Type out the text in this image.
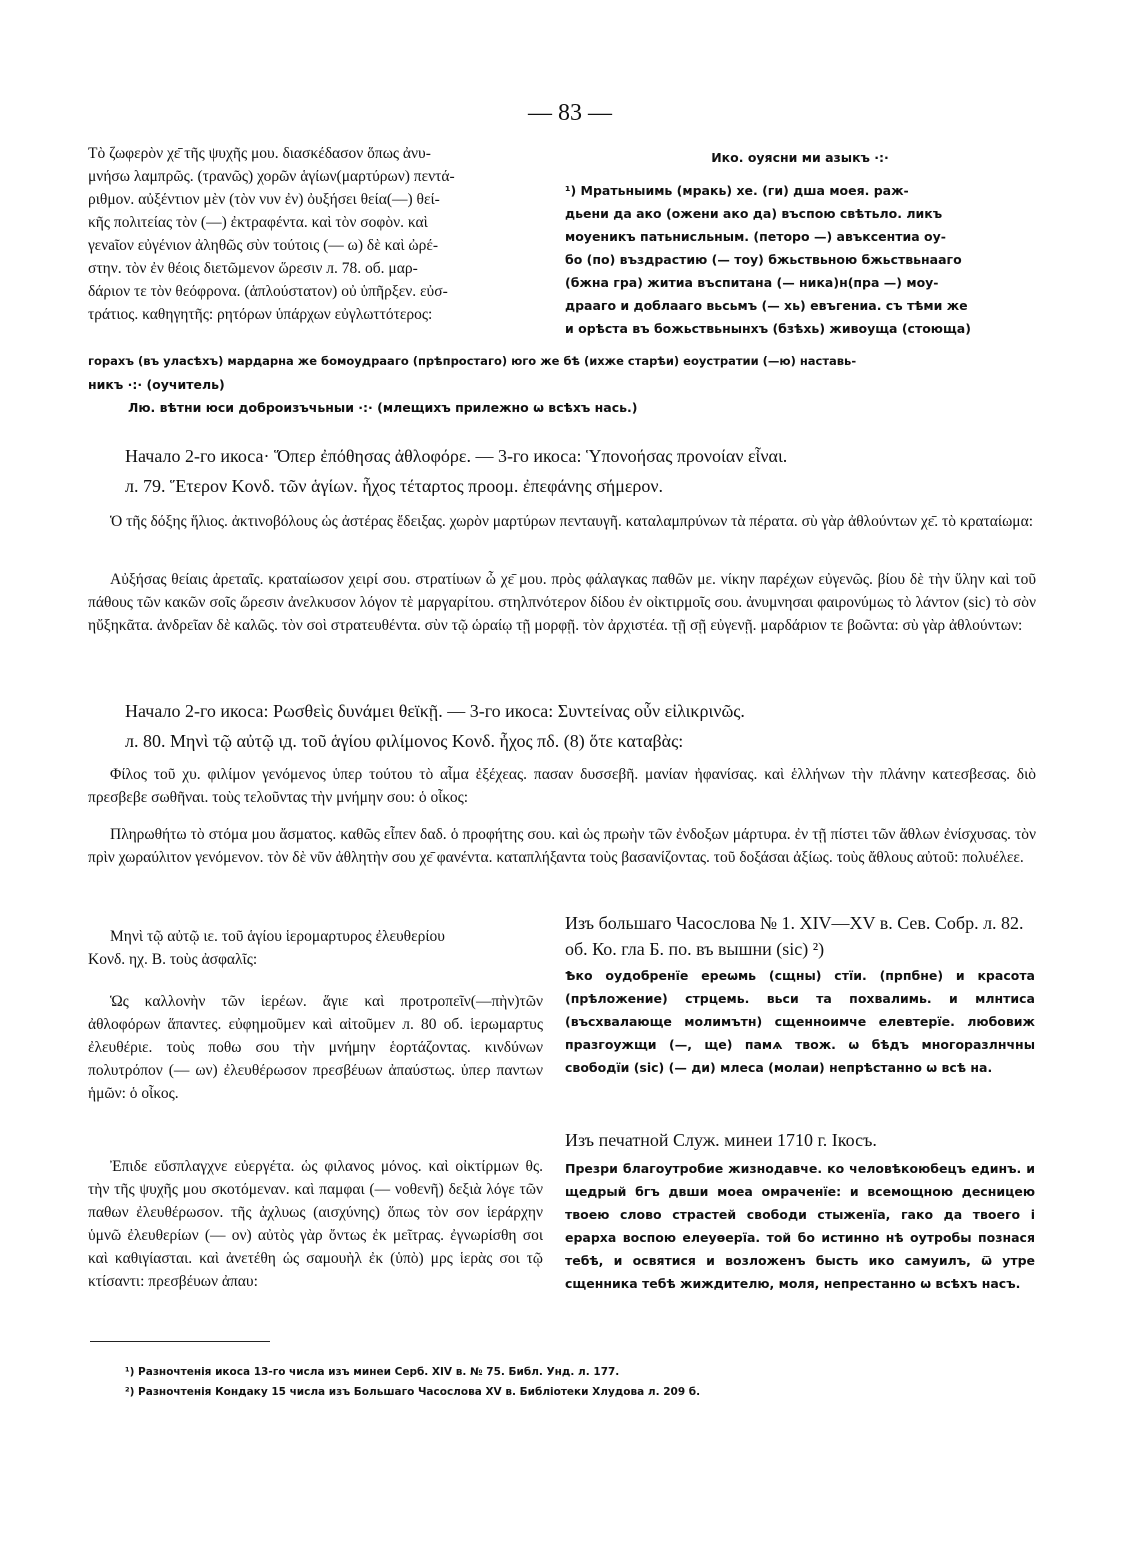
— 83 —

Τὸ ζωφερὸν χε̄ τῆς ψυχῆς μου. διασκέδασον ὅπως ἀνυ-

μνήσω λαμπρῶς. (τρανῶς) χορῶν ἁγίων(μαρτύρων) πεντά-

ριθμον. αὐξέντιον μὲν (τὸν νυν ἐν) ὀυξήσει θεία(—) θεί-

κῆς πολιτείας τὸν (—) ἐκτραφέντα. καὶ τὸν σοφὸν. καὶ

γενaῖον εὐγένιον ἀληθῶς σὺν τούτοις (— ω) δὲ καὶ ὠρέ-

στην. τὸν ἐν θέοις διετῶμενον ὥρεσιν л. 78. об. μαρ-

δάριον τε τὸν θεόφρονα. (ἁπλούστατον) οὐ ὑπῆρξεν. εὐσ-

τράτιος. καθηγητῆς: ρητόρων ὑπάρχων εὐγλωττότερος:

Ико. оуясни ми азыкъ ·:·

¹) Мратьныимь (мракь) хе. (ги) дша моея. раж-

дьени да ако (ожени ако да) въспою свѣтьло. ликъ

моуеникъ патьнисльным. (петоро —) авъксентиа оу-

бо (по) въздрастию (— тоу) бжьствьною бжьствьнааго

(бжна гра) житиа въспитана (— ника)н(пра —) моу-

драаго и доблаaго вьсьмъ (— хь) евъгениа. съ тѣми же

и орѣста въ божьствьнынхъ (бзѣхь) живоуща (стоюща)

горахъ (въ уласѣхъ) мардарна же бомоудраaго (прѣпростаго) юго же бѣ (ихже старѣи) еоустратии (—ю) наставь-

никъ ·:· (оучитель)

Лю. вѣтни юси доброизъчьныи ·:· (млещихъ прилежно ѡ всѣхъ нась.)

Начало 2-го икоса· Ὅπερ ἐπόθησας ἀθλοφόρε. — 3-го икоса: Ὑπονοήσας προνοίαν εἶναι.

л. 79. Ἕτερον Κονδ. τῶν ἁγίων. ἦχος τέταρτος προομ. ἐπεφάνης σήμερον.

Ὁ τῆς δόξης ἥλιος. ἀκτινοβόλους ὡς ἀστέρας ἔδειξας. χωρὸν μαρτύρων πενταυγῆ. καταλαμπρύνων τὰ πέρατα. σὺ γὰρ ἀθλούντων χε̄. τὸ κραταίωμα:

Αὐξήσας θείαις ἀρεταῖς. κραταίωσον χειρί σου. στρατίυων ὦ χε̄ μου. πρὸς φάλαγκας παθῶν με. νίκην παρέχων εὐγενῶς. βίου δὲ τὴν ὕλην καὶ τοῦ πάθους τῶν κακῶν σοῖς ὥρεσιν ἀνελκυσον λόγον τὲ μαργαρίτου. στηλπνότερον δίδου ἐν οἰκτιρμοῖς σου. ἀνυμνησαι φαιρονύμως τὸ λάντον (sic) τὸ σὸν ηὔξηκᾶτα. ἀνδρεῖαν δὲ καλῶς. τὸν σοὶ στρατευθέντα. σὺν τῷ ὡραίῳ τῇ μορφῇ. τὸν ἀρχιστέα. τῇ σῇ εὐγενῇ. μαρδάριον τε βοῶντα: σὺ γὰρ ἀθλούντων:

Начало 2-го икоса: Ρωσθεὶς δυνάμει θεϊκῇ. — 3-го икоса: Συντείνας οὖν εἰλικρινῶς.

л. 80. Μηνὶ τῷ αὐτῷ ιд. τοῦ ἁγίου φιλίμονος Κονδ. ἦχος πδ. (8) ὅτε καταβὰς:

Φίλος τοῦ χυ. φιλίμον γενόμενος ὑπερ τούτου τὸ αἷμα ἐξέχεας. πασαν δυσσεβῆ. μανίαν ἠφανίσας. καὶ ἑλλήνων τὴν πλάνην κατεσβεσας. διὸ πρεσβεβε σωθῆναι. τοὺς τελοῦντας τὴν μνήμην σου: ὁ οἶκος:

Πληρωθήτω τὸ στόμα μου ἄσματος. καθῶς εἶπεν δαδ. ὁ προφήτης σου. καὶ ὡς πρωὴν τῶν ἐνδοξων μάρτυρα. ἐν τῇ πίστει τῶν ἄθλων ἐνίσχυσας. τὸν πρὶν χωραύλιτον γενόμενον. τὸν δὲ νῦν ἀθλητὴν σου χε̄ φανέντα. καταπλήξαντα τοὺς βασανίζοντας. τοῦ δοξάσαι ἀξίως. τοὺς ἄθλους αὐτοῦ: πολυέλεε.

Μηνὶ τῷ αὐτῷ ιε. τοῦ ἁγίου ἱερομαρτυρος ἐλευθερίου

Κονδ. ηχ. Β. τοὺς ἀσφαλῖς:

Ὡς καλλονὴν τῶν ἱερέων. ἅγιε καὶ προτροπεῖν(—πὴν)τῶν ἀθλοφόρων ἅπαντες. εὐφημοῦμεν καὶ αἰτοῦμεν л. 80 об. ἱερωμαρτυς ἐλευθέριε. τοὺς ποθω σου τὴν μνήμην ἑορτάζοντας. κινδύνων πολυτρόπον (— ων) ἐλευθέρωσον πρεσβέυων ἀπαύστως. ὑπερ παντων ἡμῶν: ὁ οἶκος.

Ἐπιδε εὔσπλαγχνε εὐεργέτα. ὡς φιλανος μόνος. καὶ οἰκτίρμων θς. τὴν τῆς ψυχῆς μου σκοτόμεναν. καὶ παμφαι (— νοθενῆ) δεξιὰ λόγε τῶν παθων ἐλευθέρωσον. τῆς ἀχλυως (αισχύνης) ὅπως τὸν σον ἱεράρχην ὑμνῶ ἐλευθερίων (— ον) αὐτὸς γὰρ ὄντως ἐκ μεῖτρας. ἐγνωρίσθη σοι καὶ καθιγίασται. καὶ ἀνετέθη ὡς σαμουὴλ ἐκ (ὑπὸ) μρς ἱερὰς σοι τῷ κτίσαντι: πρεσβέυων ἀπαυ:

Изъ большаго Часослова № 1. XIV—XV в. Сев. Собр. л. 82. об. Ко. гла Б. по. въ вышни (sic) ²)

Ѣко оудобренїе ереѡмь (сщны) стїи. (прпбне) и красота (прѣложение) стрцемь. вьси та похвалимь. и млнтиса (въсхвалающе молимътн) сщенноимче елевтерїе. любовиж празгоужщи (—, ще) памѧ твож. ѡ бѣдъ многоразлнчны свободїи (sic) (— ди) млеса (молаи) непрѣстанно ѡ всѣ на.

Изъ печатной Служ. минеи 1710 г. Ікосъ.

Презри благоутробие жизнодавче. ко человѣкоюбецъ единъ. и щедрый бгъ двши моеа омраченїе: и всемощною десницею твоею слово страстей свободи стыженїа, гако да твоего і ерарха воспою елеуѳерїа. той бо истинно нѣ оутробы познася тебѣ, и освятися и возложенъ бысть ико самуилъ, ѿ утре сщенника тебѣ жиждителю, моля, непрестанно ѡ всѣхъ насъ.

¹) Разночтенія икоса 13-го числа изъ минеи Серб. XIV в. № 75. Библ. Унд. л. 177.

²) Разночтенія Кондаку 15 числа изъ Большаго Часослова XV в. Библіотеки Хлудова л. 209 б.
